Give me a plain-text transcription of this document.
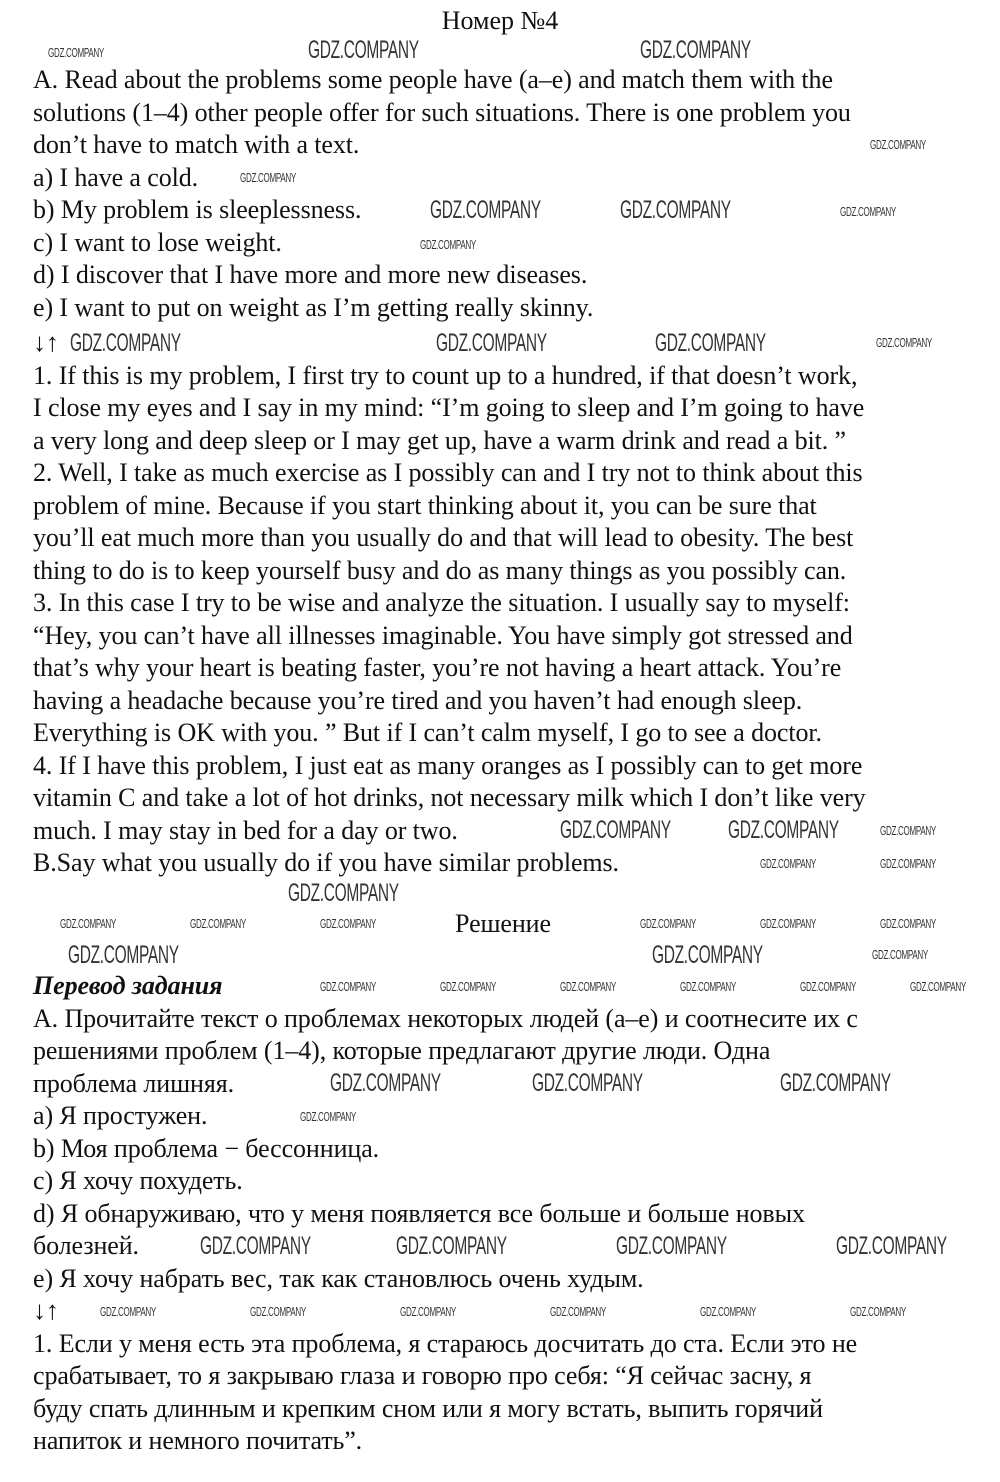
Номер №4
A. Read about the problems some people have (a–e) and match them with the
solutions (1–4) other people offer for such situations. There is one problem you
don’t have to match with a text.
a) I have a cold.
b) My problem is sleeplessness.
c) I want to lose weight.
d) I discover that I have more and more new diseases.
e) I want to put on weight as I’m getting really skinny.
↓↑
1. If this is my problem, I first try to count up to a hundred, if that doesn’t work,
I close my eyes and I say in my mind: “I’m going to sleep and I’m going to have
a very long and deep sleep or I may get up, have a warm drink and read a bit. ”
2. Well, I take as much exercise as I possibly can and I try not to think about this
problem of mine. Because if you start thinking about it, you can be sure that
you’ll eat much more than you usually do and that will lead to obesity. The best
thing to do is to keep yourself busy and do as many things as you possibly can.
3. In this case I try to be wise and analyze the situation. I usually say to myself:
“Hey, you can’t have all illnesses imaginable. You have simply got stressed and
that’s why your heart is beating faster, you’re not having a heart attack. You’re
having a headache because you’re tired and you haven’t had enough sleep.
Everything is OK with you. ” But if I can’t calm myself, I go to see a doctor.
4. If I have this problem, I just eat as many oranges as I possibly can to get more
vitamin C and take a lot of hot drinks, not necessary milk which I don’t like very
much. I may stay in bed for a day or two.
B.Say what you usually do if you have similar problems.
Решение
Перевод задания
А. Прочитайте текст о проблемах некоторых людей (a–e) и соотнесите их с
решениями проблем (1–4), которые предлагают другие люди. Одна
проблема лишняя.
а) Я простужен.
b) Моя проблема − бессонница.
c) Я хочу похудеть.
d) Я обнаруживаю, что у меня появляется все больше и больше новых
болезней.
e) Я хочу набрать вес, так как становлюсь очень худым.
↓↑
1. Если у меня есть эта проблема, я стараюсь досчитать до ста. Если это не
срабатывает, то я закрываю глаза и говорю про себя: “Я сейчас засну, я
буду спать длинным и крепким сном или я могу встать, выпить горячий
напиток и немного почитать”.
GDZ.COMPANY	GDZ.COMPANY	GDZ.COMPANY
GDZ.COMPANY
GDZ.COMPANY
GDZ.COMPANY
GDZ.COMPANY	GDZ.COMPANY	GDZ.COMPANY
GDZ.COMPANY	GDZ.COMPANY	GDZ.COMPANY	GDZ.COMPANY
GDZ.COMPANY GDZ.COMPANY	GDZ.COMPANY
GDZ.COMPANY	GDZ.COMPANY
GDZ.COMPANY
GDZ.COMPANY	GDZ.COMPANY	GDZ.COMPANY	GDZ.COMPANY	GDZ.COMPANY	GDZ.COMPANY
GDZ.COMPANY	GDZ.COMPANY	GDZ.COMPANY
GDZ.COMPANY	GDZ.COMPANY	GDZ.COMPANY	GDZ.COMPANY	GDZ.COMPANY	GDZ.COMPANY
GDZ.COMPANY	GDZ.COMPANY	GDZ.COMPANY
GDZ.COMPANY
GDZ.COMPANY	GDZ.COMPANY	GDZ.COMPANY	GDZ.COMPANY
GDZ.COMPANY	GDZ.COMPANY	GDZ.COMPANY	GDZ.COMPANY	GDZ.COMPANY	GDZ.COMPANY
